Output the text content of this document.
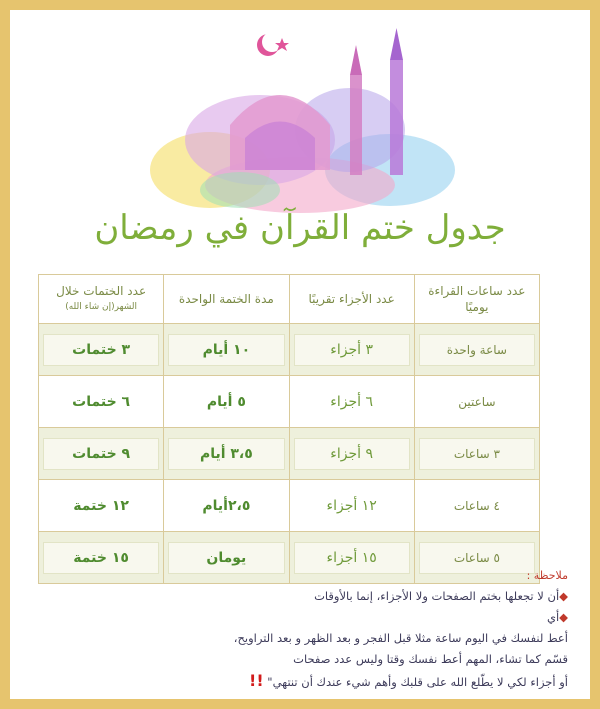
جدول ختم القرآن في رمضان
عدد ساعات القراءة يوميًا	عدد الأجزاء تقريبًا	مدة الختمة الواحدة	عدد الختمات خلال
الشهر(إن شاء الله)

ساعة واحدة	٣ أجزاء	١٠ أيام	٣ ختمات

ساعتين	٦ أجزاء	٥ أيام	٦ ختمات

٣ ساعات	٩ أجزاء	٣،٥ أيام	٩ ختمات

٤ ساعات	١٢ أجزاء	٢،٥أيام	١٢ ختمة

٥ ساعات	١٥ أجزاء	يومان	١٥ ختمة
ملاحظة :
◆أن لا تجعلها بختم الصفحات ولا الأجزاء، إنما بالأوقات
◆أي
أعط لنفسك في اليوم ساعة مثلا قبل الفجر و بعد الظهر و بعد التراويح،
قسّم كما تشاء، المهم أعط نفسك وقتا وليس عدد صفحات
أو أجزاء لكي لا يطّلع الله على قلبك وأهم شيء عندك أن تنتهي" !!
